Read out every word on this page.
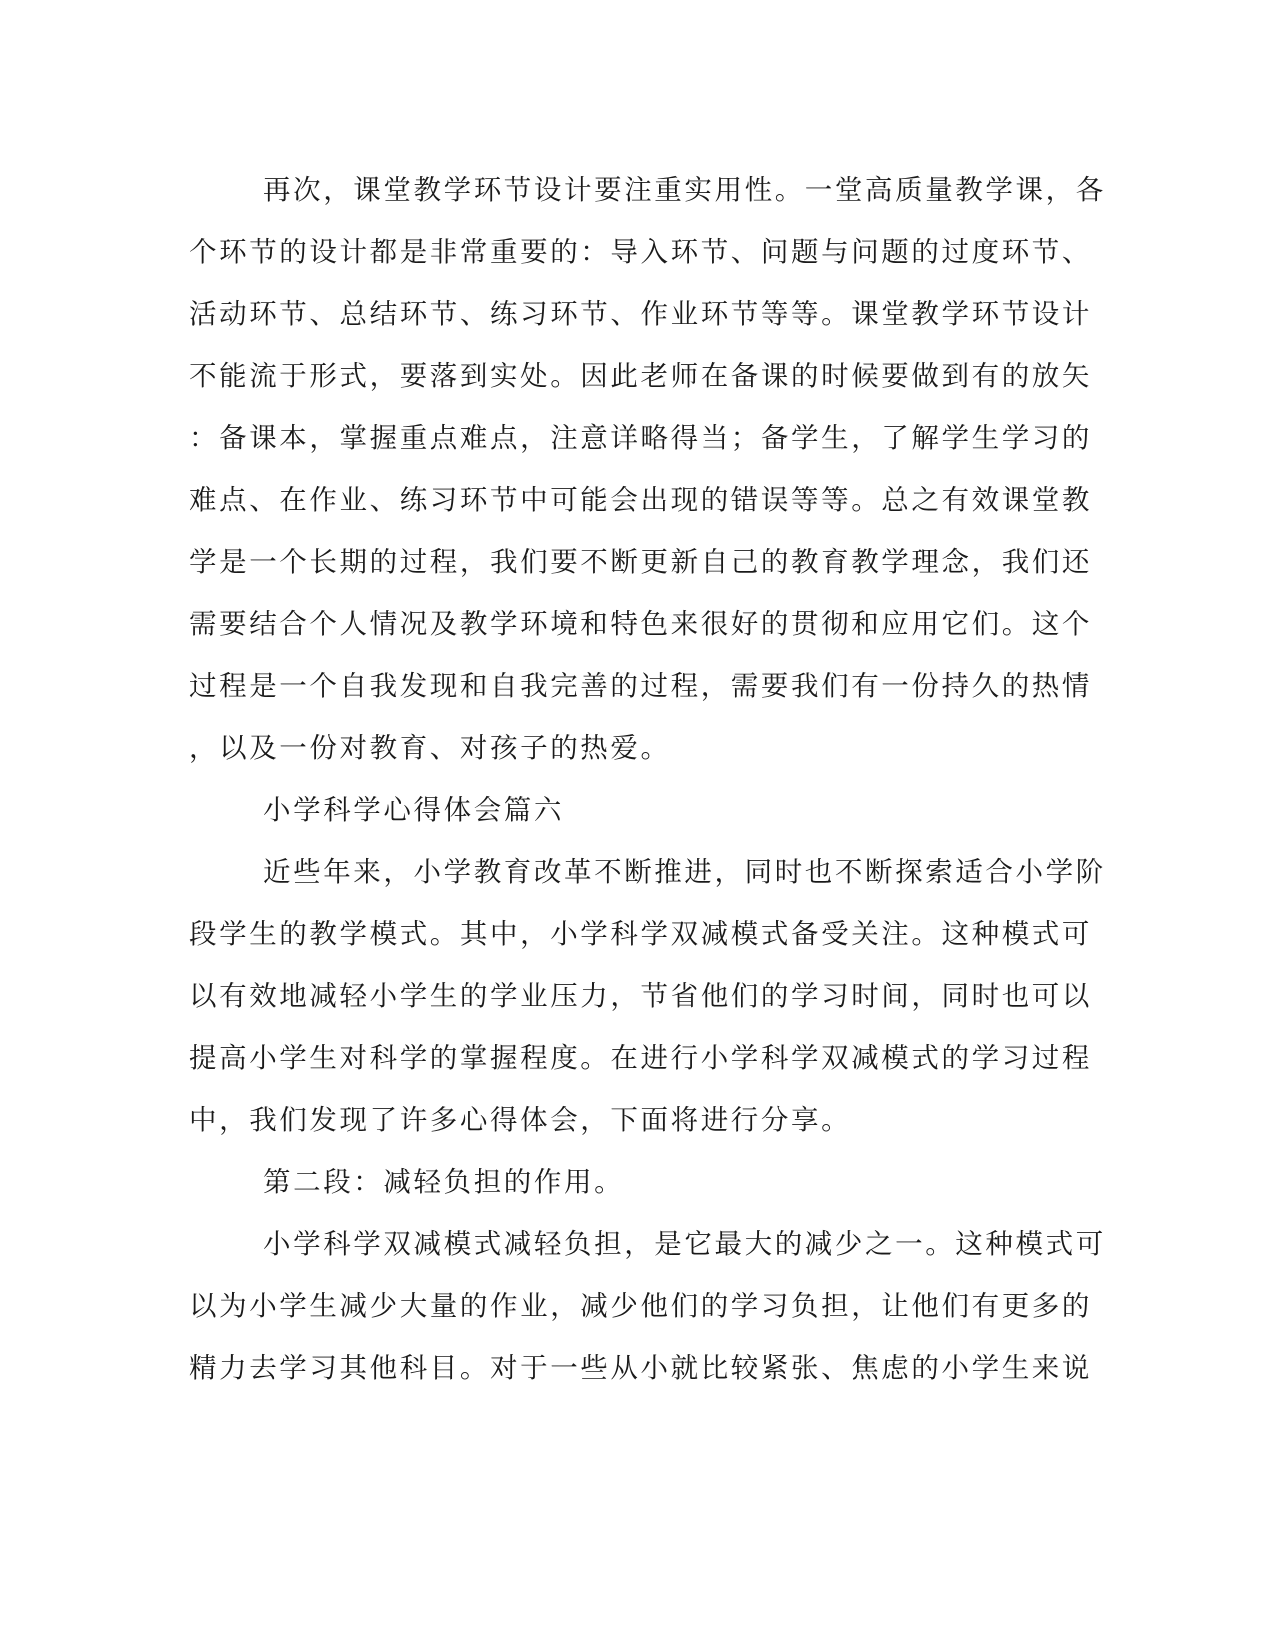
再次，课堂教学环节设计要注重实用性。一堂高质量教学课，各
个环节的设计都是非常重要的：导入环节、问题与问题的过度环节、
活动环节、总结环节、练习环节、作业环节等等。课堂教学环节设计
不能流于形式，要落到实处。因此老师在备课的时候要做到有的放矢
：备课本，掌握重点难点，注意详略得当；备学生，了解学生学习的
难点、在作业、练习环节中可能会出现的错误等等。总之有效课堂教
学是一个长期的过程，我们要不断更新自己的教育教学理念，我们还
需要结合个人情况及教学环境和特色来很好的贯彻和应用它们。这个
过程是一个自我发现和自我完善的过程，需要我们有一份持久的热情
，以及一份对教育、对孩子的热爱。
小学科学心得体会篇六
近些年来，小学教育改革不断推进，同时也不断探索适合小学阶
段学生的教学模式。其中，小学科学双减模式备受关注。这种模式可
以有效地减轻小学生的学业压力，节省他们的学习时间，同时也可以
提高小学生对科学的掌握程度。在进行小学科学双减模式的学习过程
中，我们发现了许多心得体会，下面将进行分享。
第二段：减轻负担的作用。
小学科学双减模式减轻负担，是它最大的减少之一。这种模式可
以为小学生减少大量的作业，减少他们的学习负担，让他们有更多的
精力去学习其他科目。对于一些从小就比较紧张、焦虑的小学生来说
